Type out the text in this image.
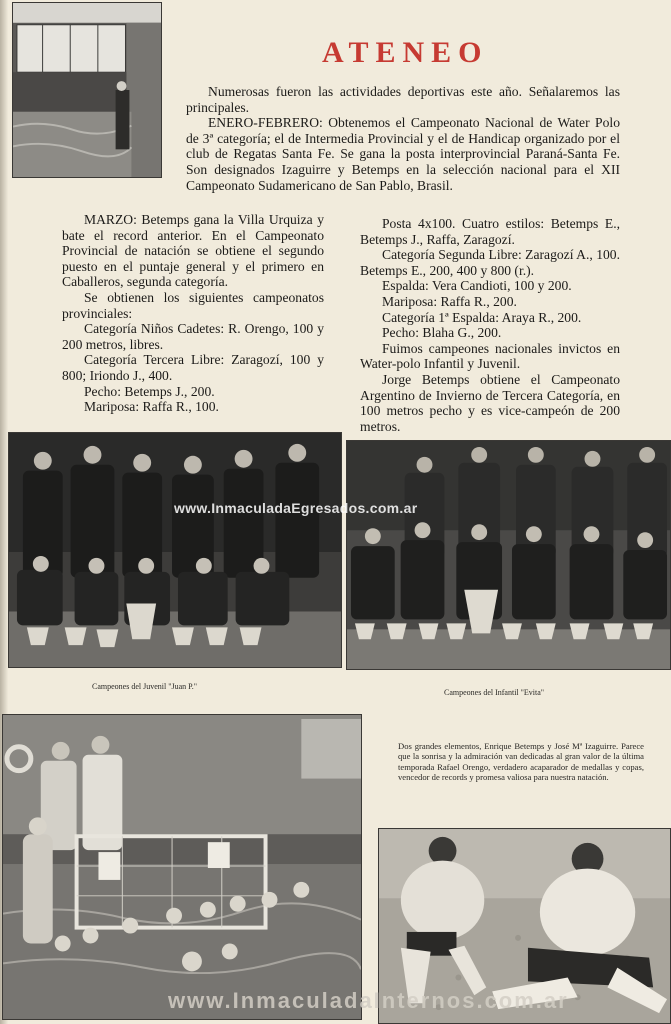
ATENEO

Numerosas fueron las actividades deportivas este año. Señalaremos las principales.

ENERO-FEBRERO: Obtenemos el Campeonato Nacional de Water Polo de 3ª categoría; el de Intermedia Provincial y el de Handicap organizado por el club de Regatas Santa Fe. Se gana la posta interprovincial Paraná-Santa Fe. Son designados Izaguirre y Betemps en la selección nacional para el XII Campeonato Sudamericano de San Pablo, Brasil.

MARZO: Betemps gana la Villa Urquiza y bate el record anterior. En el Campeonato Provincial de natación se obtiene el segundo puesto en el puntaje general y el primero en Caballeros, segunda categoría.

Se obtienen los siguientes campeonatos provinciales:

Categoría Niños Cadetes: R. Orengo, 100 y 200 metros, libres.

Categoría Tercera Libre: Zaragozí, 100 y 800; Iriondo J., 400.

Pecho: Betemps J., 200.

Mariposa: Raffa R., 100.

Posta 4x100. Cuatro estilos: Betemps E., Betemps J., Raffa, Zaragozí.

Categoría Segunda Libre: Zaragozí A., 100. Betemps E., 200, 400 y 800 (r.).

Espalda: Vera Candioti, 100 y 200.

Mariposa: Raffa R., 200.

Categoría 1ª Espalda: Araya R., 200.

Pecho: Blaha G., 200.

Fuimos campeones nacionales invictos en Water-polo Infantil y Juvenil.

Jorge Betemps obtiene el Campeonato Argentino de Invierno de Tercera Categoría, en 100 metros pecho y es vice-campeón de 200 metros.

Campeones del Juvenil "Juan P."
Campeones del Infantil "Evita"
Dos grandes elementos, Enrique Betemps y José Mª Izaguirre. Parece que la sonrisa y la admiración van dedicadas al gran valor de la última temporada Rafael Orengo, verdadero acaparador de medallas y copas, vencedor de records y promesa valiosa para nuestra natación.
www.InmaculadaEgresados.com.ar
www.InmaculadaInternos.com.ar
